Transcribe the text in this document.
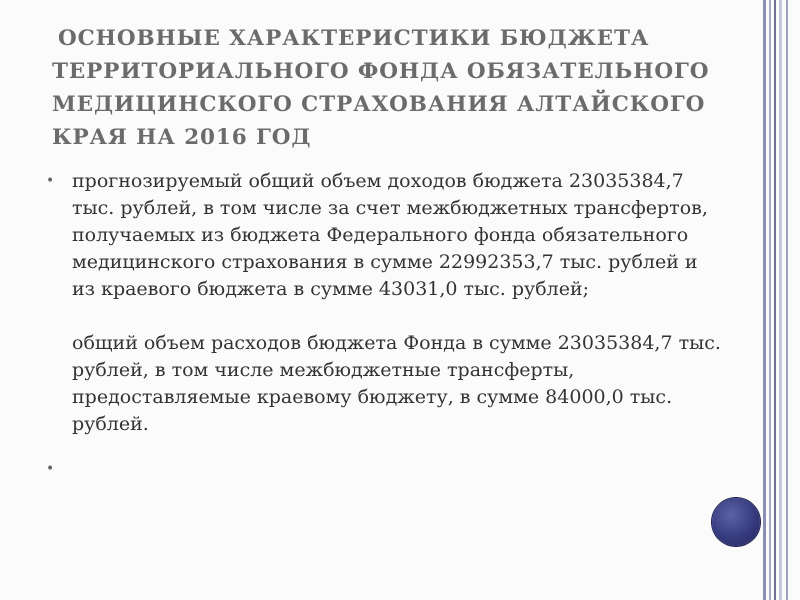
ОСНОВНЫЕ ХАРАКТЕРИСТИКИ БЮДЖЕТА ТЕРРИТОРИАЛЬНОГО ФОНДА ОБЯЗАТЕЛЬНОГО МЕДИЦИНСКОГО СТРАХОВАНИЯ АЛТАЙСКОГО КРАЯ НА 2016 ГОД
• прогнозируемый общий объем доходов бюджета 23035384,7 тыс. рублей, в том числе за счет межбюджетных трансфертов, получаемых из бюджета Федерального фонда обязательного медицинского страхования в сумме 22992353,7 тыс. рублей и из краевого бюджета в сумме 43031,0 тыс. рублей;

общий объем расходов бюджета Фонда в сумме 23035384,7 тыс. рублей, в том числе межбюджетные трансферты, предоставляемые краевому бюджету, в сумме 84000,0 тыс. рублей.

•
